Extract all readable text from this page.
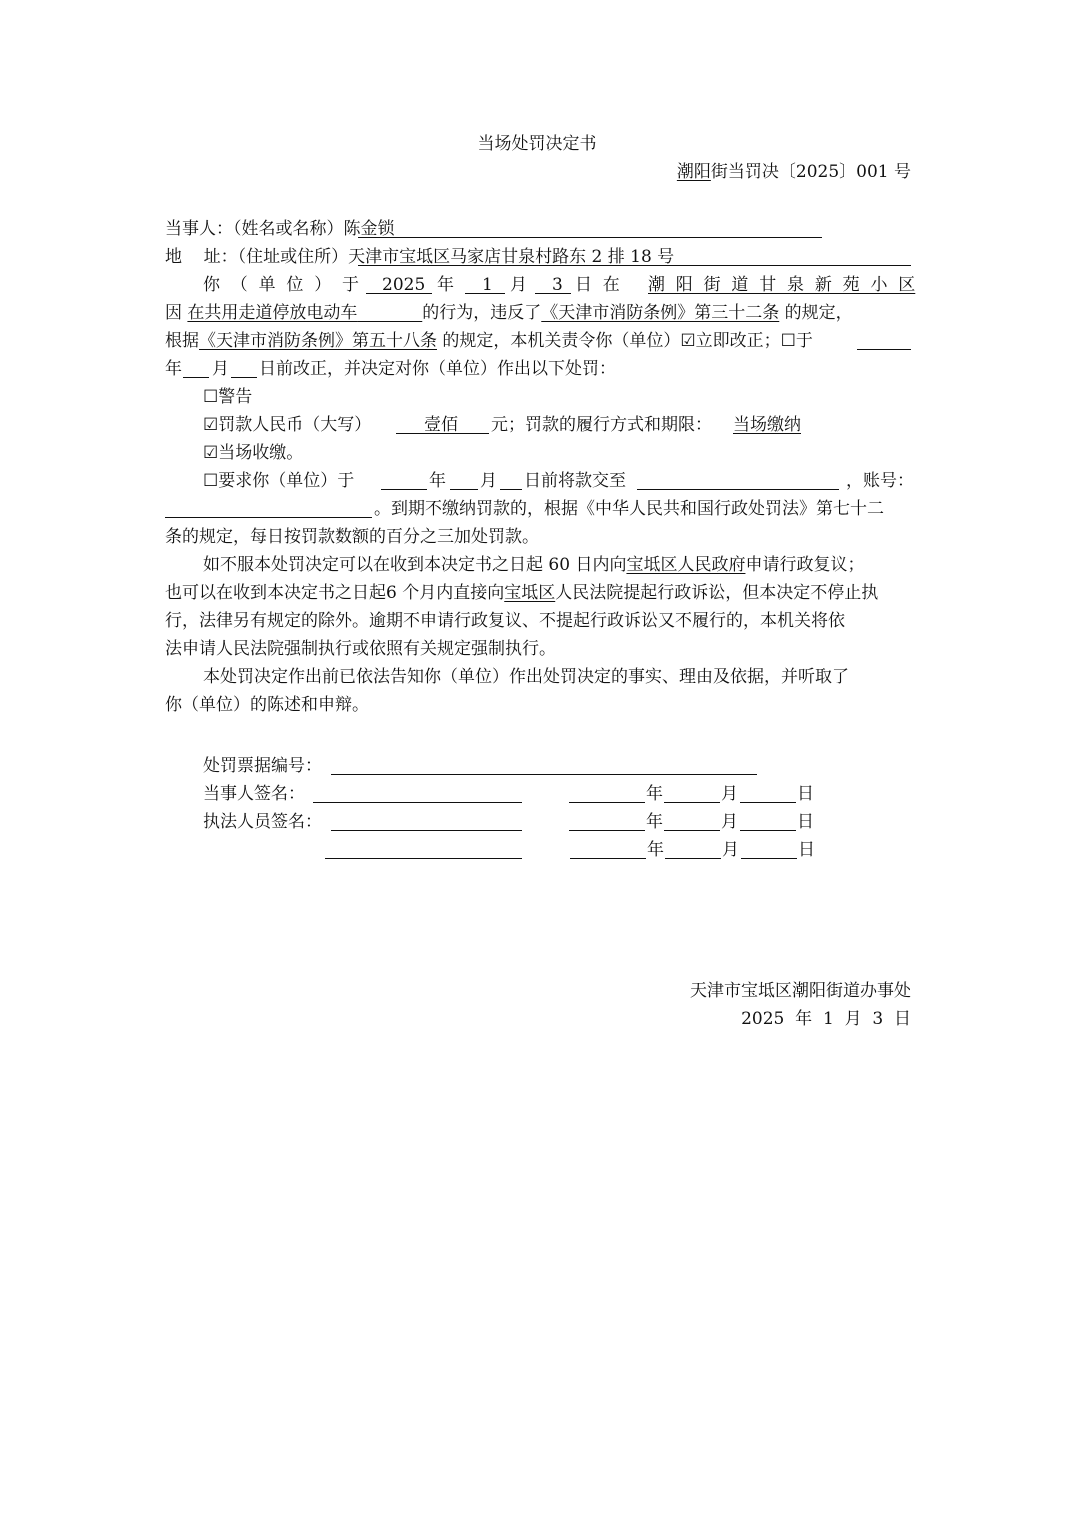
当场处罚决定书
潮阳街当罚决〔2025〕001 号
当事人：（姓名或名称）陈金锁
地    址：（住址或住所）天津市宝坻区马家店甘泉村路东 2 排 18 号
你  （  单  位  ）  于 2025 年 1 月 3 日  在 潮  阳  街  道  甘  泉  新  苑  小  区
因 在共用走道停放电动车	的行为，违反了《天津市消防条例》第三十二条 的规定，
根据《天津市消防条例》第五十八条 的规定，本机关责令你（单位）☑立即改正；☐于
年 月 日前改正，并决定对你（单位）作出以下处罚：
☐警告
☑罚款人民币（大写）	壹佰 元；罚款的履行方式和期限： 当场缴纳
☑当场收缴。
☐要求你（单位）于	年 月 日前将款交至	，账号：
。到期不缴纳罚款的，根据《中华人民共和国行政处罚法》第七十二
条的规定，每日按罚款数额的百分之三加处罚款。
如不服本处罚决定可以在收到本决定书之日起 60 日内向宝坻区人民政府申请行政复议；
也可以在收到本决定书之日起6 个月内直接向宝坻区人民法院提起行政诉讼，但本决定不停止执
行，法律另有规定的除外。逾期不申请行政复议、不提起行政诉讼又不履行的，本机关将依
法申请人民法院强制执行或依照有关规定强制执行。
本处罚决定作出前已依法告知你（单位）作出处罚决定的事实、理由及依据，并听取了
你（单位）的陈述和申辩。
处罚票据编号：
当事人签名：	年	月	日
执法人员签名：	年	月	日
年	月	日
天津市宝坻区潮阳街道办事处
2025  年  1  月  3  日
